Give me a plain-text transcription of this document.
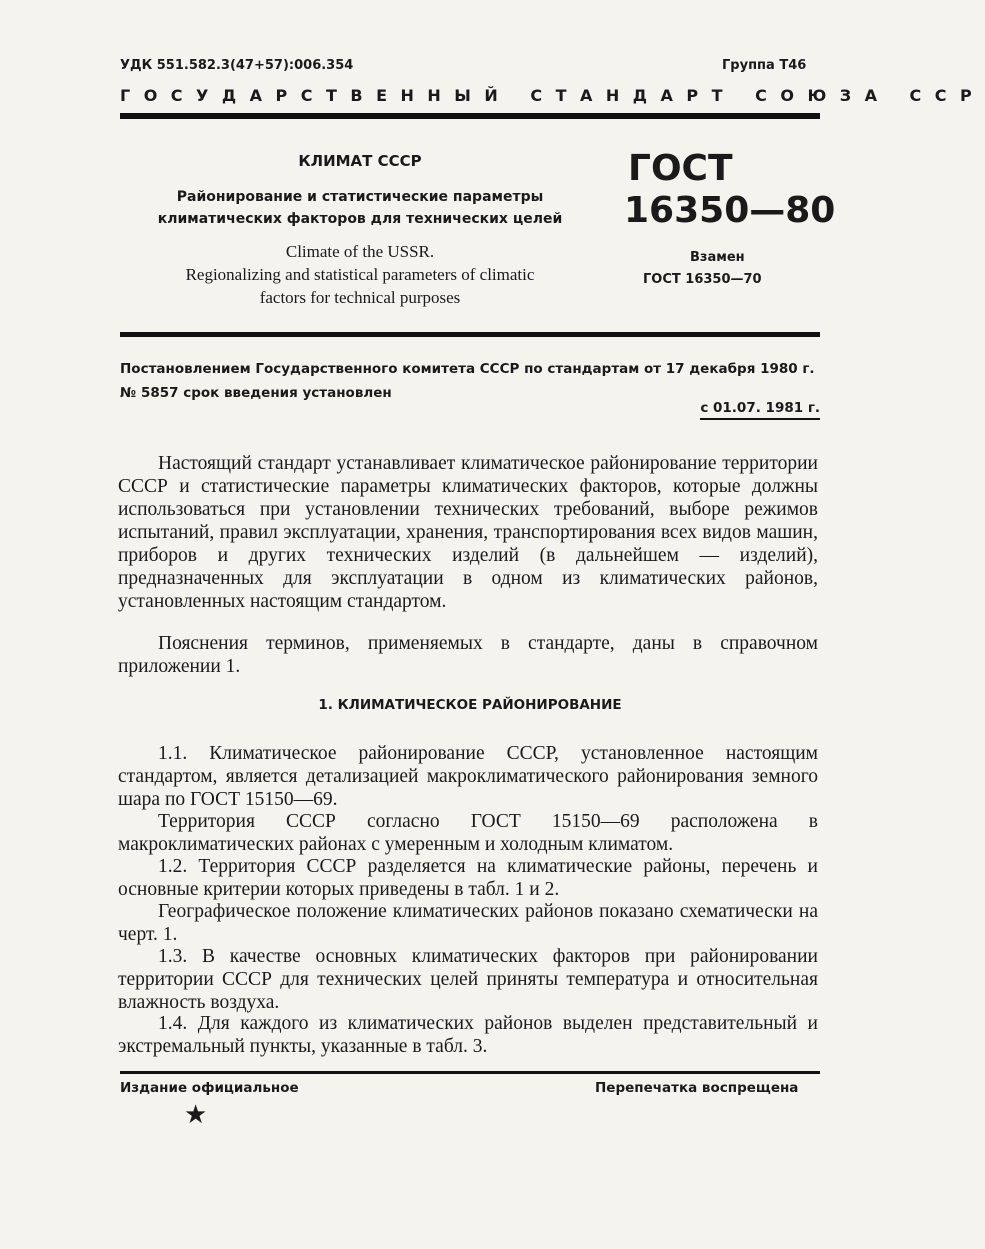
УДК 551.582.3(47+57):006.354	Группа Т46
ГОСУДАРСТВЕННЫЙ СТАНДАРТ СОЮЗА ССР
КЛИМАТ СССР
Районирование и статистические параметры климатических факторов для технических целей
Climate of the USSR.
Regionalizing and statistical parameters of climatic
factors for technical purposes
ГОСТ
16350—80
Взамен
ГОСТ 16350—70
Постановлением Государственного комитета СССР по стандартам от 17 декабря 1980 г. № 5857 срок введения установлен
с 01.07. 1981 г.
Настоящий стандарт устанавливает климатическое районирование территории СССР и статистические параметры климатических факторов, которые должны использоваться при установлении технических требований, выборе режимов испытаний, правил эксплуатации, хранения, транспортирования всех видов машин, приборов и других технических изделий (в дальнейшем — изделий), предназначенных для эксплуатации в одном из климатических районов, установленных настоящим стандартом.
Пояснения терминов, применяемых в стандарте, даны в справочном приложении 1.
1. КЛИМАТИЧЕСКОЕ РАЙОНИРОВАНИЕ
1.1. Климатическое районирование СССР, установленное настоящим стандартом, является детализацией макроклиматического районирования земного шара по ГОСТ 15150—69.
Территория СССР согласно ГОСТ 15150—69 расположена в макроклиматических районах с умеренным и холодным климатом.
1.2. Территория СССР разделяется на климатические районы, перечень и основные критерии которых приведены в табл. 1 и 2.
Географическое положение климатических районов показано схематически на черт. 1.
1.3. В качестве основных климатических факторов при районировании территории СССР для технических целей приняты температура и относительная влажность воздуха.
1.4. Для каждого из климатических районов выделен представительный и экстремальный пункты, указанные в табл. 3.
Издание официальное	Перепечатка воспрещена
★
